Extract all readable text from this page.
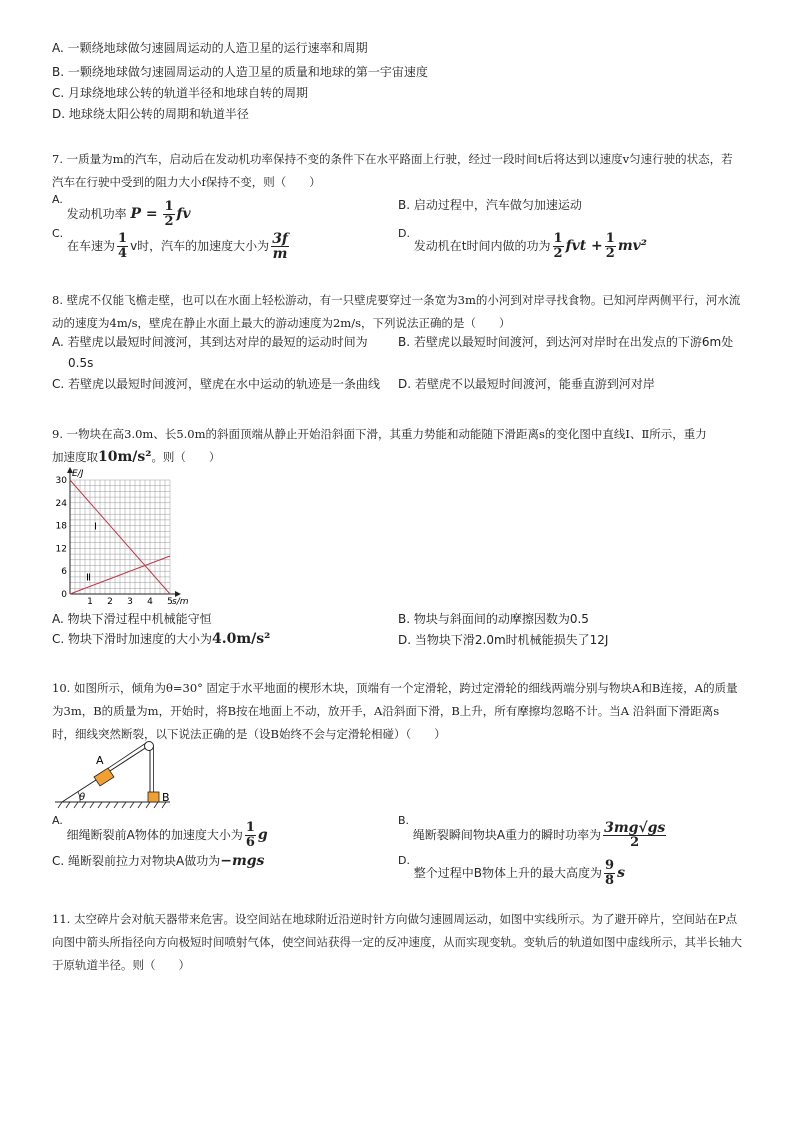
A. 一颗绕地球做匀速圆周运动的人造卫星的运行速率和周期
B. 一颗绕地球做匀速圆周运动的人造卫星的质量和地球的第一宇宙速度
C. 月球绕地球公转的轨道半径和地球自转的周期
D. 地球绕太阳公转的周期和轨道半径
7. 一质量为m的汽车，启动后在发动机功率保持不变的条件下在水平路面上行驶，经过一段时间t后将达到以速度v匀速行驶的状态，若汽车在行驶中受到的阻力大小f保持不变，则（　　）
A. 发动机功率 $P = \frac{1}{2}$ fv
B. 启动过程中，汽车做匀加速运动
C. 在车速为 $\frac{1}{4}$ v时，汽车的加速度大小为 $\frac{3f}{m}$	D. 发动机在t时间内做的功为 $\frac{1}{2}$ fvt + $\frac{1}{2} mv^2$
8. 壁虎不仅能飞檐走壁，也可以在水面上轻松游动，有一只壁虎要穿过一条宽为3m的小河到对岸寻找食物。已知河岸两侧平行，河水流动的速度为4m/s，壁虎在静止水面上最大的游动速度为2m/s，下列说法正确的是（　　）
A. 若壁虎以最短时间渡河，其到达对岸的最短的运动时间为
0.5s
B. 若壁虎以最短时间渡河，到达河对岸时在出发点的下游6m处
C. 若壁虎以最短时间渡河，壁虎在水中运动的轨迹是一条曲线 D. 若壁虎不以最短时间渡河，能垂直游到河对岸
9. 一物块在高3.0m、长5.0m的斜面顶端从静止开始沿斜面下滑，其重力势能和动能随下滑距离s的变化图中直线Ⅰ、Ⅱ所示，重力
加速度取10m/s²。则（　　）
1 2 3 4 5
0
6
12
18
24
30
Ⅰ
Ⅱ
E/J
s/m
A. 物块下滑过程中机械能守恒	B. 物块与斜面间的动摩擦因数为0.5
C. 物块下滑时加速度的大小为4.0m/s²	D. 当物块下滑2.0m时机械能损失了12J
10. 如图所示，倾角为θ=30° 固定于水平地面的楔形木块，顶端有一个定滑轮，跨过定滑轮的细线两端分别与物块A和B连接，A的质量为3m，B的质量为m，开始时，将B按在地面上不动，放开手，A沿斜面下滑，B上升，所有摩擦均忽略不计。当A 沿斜面下滑距离s时，细线突然断裂，以下说法正确的是（设B始终不会与定滑轮相碰）（　　）
A
B
θ
A. 细绳断裂前A物体的加速度大小为 $\frac{1}{6}$ g
B. 绳断裂瞬间物块A重力的瞬时功率为 $\frac{3mg√gs}{2}$
C. 绳断裂前拉力对物块A做功为−mgs	D. 整个过程中B物体上升的最大高度为 $\frac{9}{8}$ s
11. 太空碎片会对航天器带来危害。设空间站在地球附近沿逆时针方向做匀速圆周运动，如图中实线所示。为了避开碎片，空间站在P点向图中箭头所指径向方向极短时间喷射气体，使空间站获得一定的反冲速度，从而实现变轨。变轨后的轨道如图中虚线所示，其半长轴大于原轨道半径。则（　　）
